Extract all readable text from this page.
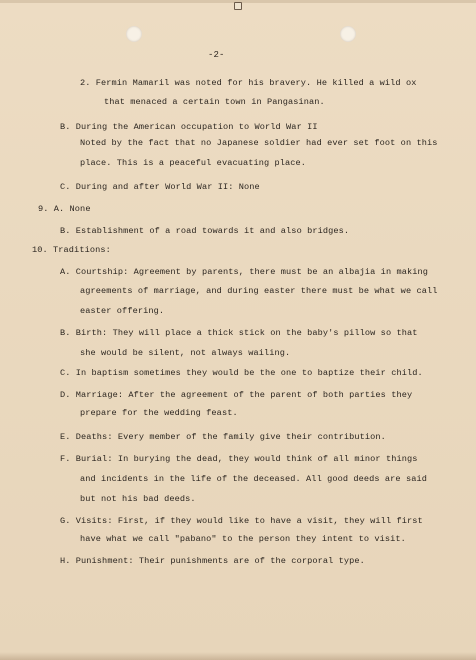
-2-
2. Fermin Mamaril was noted for his bravery. He killed a wild ox
that menaced a certain town in Pangasinan.
B. During the American occupation to World War II
Noted by the fact that no Japanese soldier had ever set foot on this
place. This is a peaceful evacuating place.
C. During and after World War II: None
9. A. None
B. Establishment of a road towards it and also bridges.
10. Traditions:
A. Courtship: Agreement by parents, there must be an albajia in making
agreements of marriage, and during easter there must be what we call
easter offering.
B. Birth: They will place a thick stick on the baby's pillow so that
she would be silent, not always wailing.
C. In baptism sometimes they would be the one to baptize their child.
D. Marriage: After the agreement of the parent of both parties they
prepare for the wedding feast.
E. Deaths: Every member of the family give their contribution.
F. Burial: In burying the dead, they would think of all minor things
and incidents in the life of the deceased. All good deeds are said
but not his bad deeds.
G. Visits: First, if they would like to have a visit, they will first
have what we call "pabano" to the person they intent to visit.
H. Punishment: Their punishments are of the corporal type.
